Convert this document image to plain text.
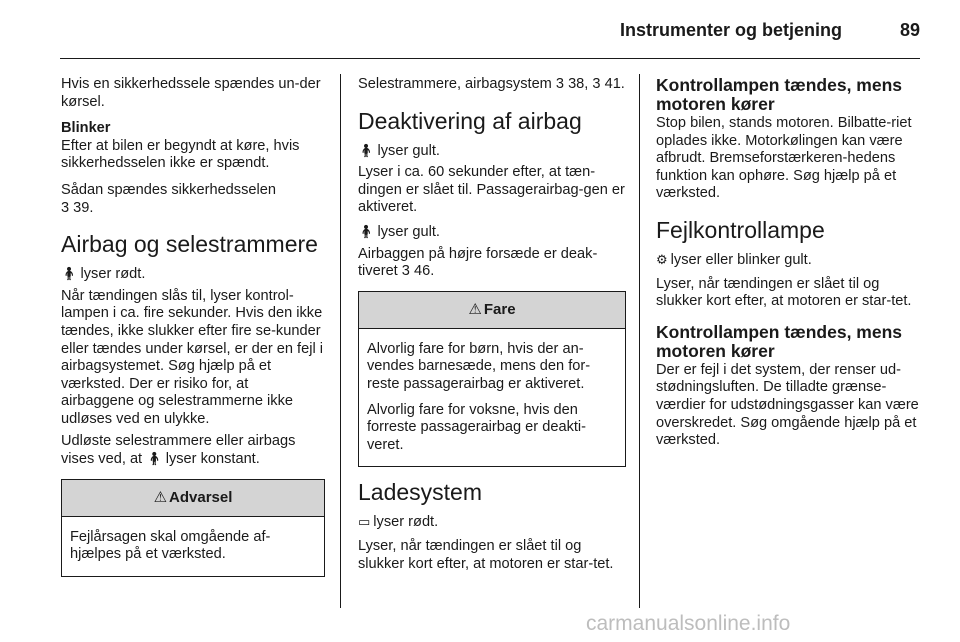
Instrumenter og betjening	89

Hvis en sikkerhedssele spændes un-der kørsel.

Blinker

Efter at bilen er begyndt at køre, hvis sikkerhedsselen ikke er spændt.

Sådan spændes sikkerhedsselen
3 39.

Airbag og selestrammere

🧍︎ lyser rødt.

Når tændingen slås til, lyser kontrol-lampen i ca. fire sekunder. Hvis den ikke tændes, ikke slukker efter fire se-kunder eller tændes under kørsel, er der en fejl i airbagsystemet. Søg hjælp på et værksted. Der er risiko for, at airbaggene og selestrammerne ikke udløses ved en ulykke.

Udløste selestrammere eller airbags vises ved, at 🧍︎ lyser konstant.

⚠ Advarsel

Fejlårsagen skal omgående af-hjælpes på et værksted.

Selestrammere, airbagsystem 3 38, 3 41.

Deaktivering af airbag

🧍︎ lyser gult.

Lyser i ca. 60 sekunder efter, at tæn-dingen er slået til. Passagerairbag-gen er aktiveret.

🧍︎ lyser gult.

Airbaggen på højre forsæde er deak-tiveret 3 46.

⚠ Fare

Alvorlig fare for børn, hvis der an-vendes barnesæde, mens den for-reste passagerairbag er aktiveret.

Alvorlig fare for voksne, hvis den forreste passagerairbag er deakti-veret.

Ladesystem

▭ lyser rødt.

Lyser, når tændingen er slået til og slukker kort efter, at motoren er star-tet.

Kontrollampen tændes, mens motoren kører

Stop bilen, stands motoren. Bilbatte-riet oplades ikke. Motorkølingen kan være afbrudt. Bremseforstærkeren-hedens funktion kan ophøre. Søg hjælp på et værksted.

Fejlkontrollampe

⚙ lyser eller blinker gult.

Lyser, når tændingen er slået til og slukker kort efter, at motoren er star-tet.

Kontrollampen tændes, mens motoren kører

Der er fejl i det system, der renser ud-stødningsluften. De tilladte grænse-værdier for udstødningsgasser kan være overskredet. Søg omgående hjælp på et værksted.

carmanualsonline.info
